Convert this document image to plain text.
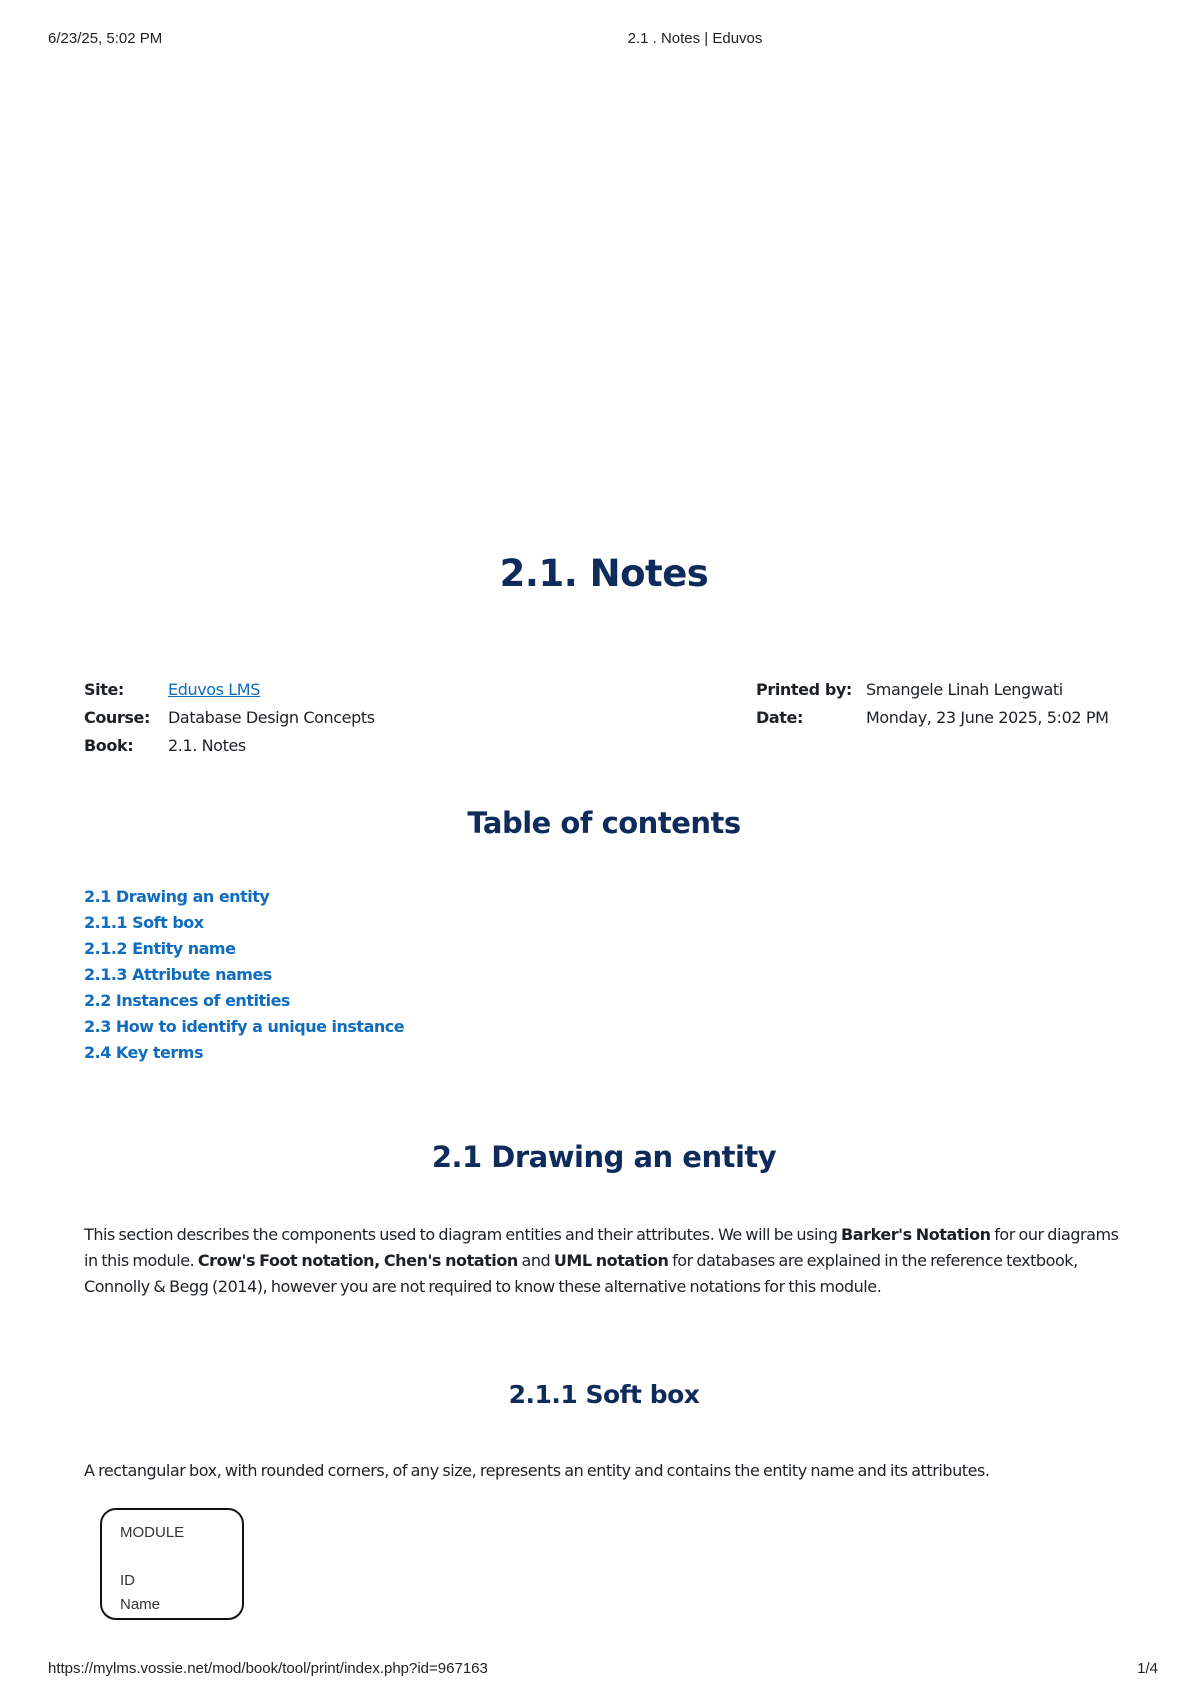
6/23/25, 5:02 PM	2.1 . Notes | Eduvos
2.1. Notes
Site:	Eduvos LMS	Printed by: Smangele Linah Lengwati
Course: Database Design Concepts	Date:	Monday, 23 June 2025, 5:02 PM
Book: 2.1. Notes
Table of contents
2.1 Drawing an entity
2.1.1 Soft box
2.1.2 Entity name
2.1.3 Attribute names
2.2 Instances of entities
2.3 How to identify a unique instance
2.4 Key terms
2.1 Drawing an entity

This section describes the components used to diagram entities and their attributes. We will be using Barker's Notation for our diagrams in this module. Crow's Foot notation, Chen's notation and UML notation for databases are explained in the reference textbook, Connolly & Begg (2014), however you are not required to know these alternative notations for this module.

2.1.1 Soft box

A rectangular box, with rounded corners, of any size, represents an entity and contains the entity name and its attributes.

MODULE
ID
Name
https://mylms.vossie.net/mod/book/tool/print/index.php?id=967163	1/4
